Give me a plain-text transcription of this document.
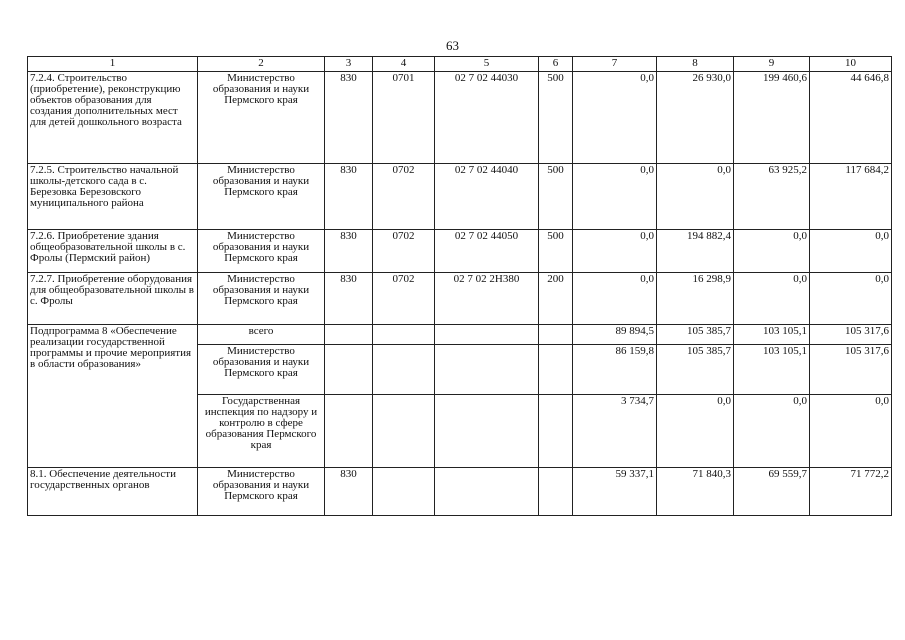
63
1	2	3	4	5	6	7	8	9	10
7.2.4. Строительство (приобретение), реконструкцию объектов образования для создания дополнительных мест для детей дошкольного возраста	Министерство образования и науки Пермского края	830	0701	02 7 02 44030	500	0,0	26 930,0	199 460,6	44 646,8
7.2.5. Строительство начальной школы-детского сада в с. Березовка Березовского муниципального района	Министерство образования и науки Пермского края	830	0702	02 7 02 44040	500	0,0	0,0	63 925,2	117 684,2
7.2.6. Приобретение здания общеобразовательной школы в с. Фролы (Пермский район)	Министерство образования и науки Пермского края	830	0702	02 7 02 44050	500	0,0	194 882,4	0,0	0,0
7.2.7. Приобретение оборудования для общеобразовательной школы в с. Фролы	Министерство образования и науки Пермского края	830	0702	02 7 02 2Н380	200	0,0	16 298,9	0,0	0,0
Подпрограмма 8 «Обеспечение реализации государственной программы и прочие мероприятия в области образования»	всего					89 894,5	105 385,7	103 105,1	105 317,6
	Министерство образования и науки Пермского края					86 159,8	105 385,7	103 105,1	105 317,6
	Государственная инспекция по надзору и контролю в сфере образования Пермского края					3 734,7	0,0	0,0	0,0
8.1. Обеспечение деятельности государственных органов	Министерство образования и науки Пермского края	830				59 337,1	71 840,3	69 559,7	71 772,2
